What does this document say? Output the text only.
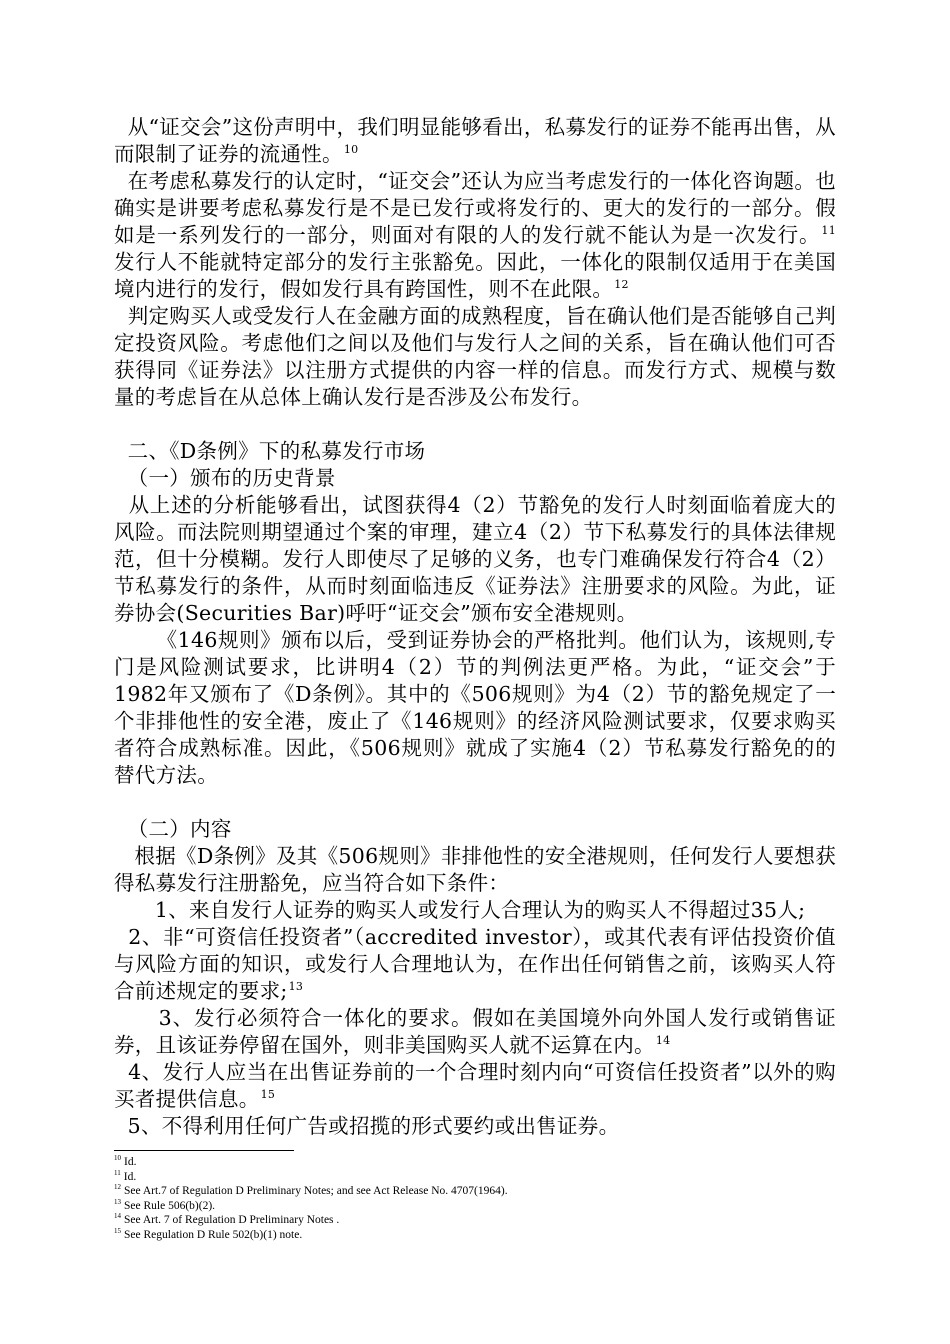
从“证交会”这份声明中，我们明显能够看出，私募发行的证券不能再出售，从而限制了证券的流通性。$^{10}$

在考虑私募发行的认定时，“证交会”还认为应当考虑发行的一体化咨询题。也确实是讲要考虑私募发行是不是已发行或将发行的、更大的发行的一部分。假如是一系列发行的一部分，则面对有限的人的发行就不能认为是一次发行。$^{11}$发行人不能就特定部分的发行主张豁免。因此，一体化的限制仅适用于在美国境内进行的发行，假如发行具有跨国性，则不在此限。$^{12}$

判定购买人或受发行人在金融方面的成熟程度，旨在确认他们是否能够自己判定投资风险。考虑他们之间以及他们与发行人之间的关系，旨在确认他们可否获得同《证券法》以注册方式提供的内容一样的信息。而发行方式、规模与数量的考虑旨在从总体上确认发行是否涉及公布发行。

二、《D条例》下的私募发行市场

（一）颁布的历史背景

从上述的分析能够看出，试图获得4（2）节豁免的发行人时刻面临着庞大的风险。而法院则期望通过个案的审理，建立4（2）节下私募发行的具体法律规范，但十分模糊。发行人即使尽了足够的义务，也专门难确保发行符合4（2）节私募发行的条件，从而时刻面临违反《证券法》注册要求的风险。为此，证券协会(Securities Bar)呼吁“证交会”颁布安全港规则。

《146规则》颁布以后，受到证券协会的严格批判。他们认为，该规则,专门是风险测试要求，比讲明4（2）节的判例法更严格。为此，“证交会”于1982年又颁布了《D条例》。其中的《506规则》为4（2）节的豁免规定了一个非排他性的安全港，废止了《146规则》的经济风险测试要求，仅要求购买者符合成熟标准。因此，《506规则》就成了实施4（2）节私募发行豁免的的替代方法。

（二）内容

根据《D条例》及其《506规则》非排他性的安全港规则，任何发行人要想获得私募发行注册豁免，应当符合如下条件：

1、来自发行人证券的购买人或发行人合理认为的购买人不得超过35人;

2、非“可资信任投资者”（accredited investor），或其代表有评估投资价值与风险方面的知识，或发行人合理地认为，在作出任何销售之前，该购买人符合前述规定的要求;$^{13}$

3、发行必须符合一体化的要求。假如在美国境外向外国人发行或销售证券，且该证券停留在国外，则非美国购买人就不运算在内。$^{14}$

4、发行人应当在出售证券前的一个合理时刻内向“可资信任投资者”以外的购买者提供信息。$^{15}$

5、不得利用任何广告或招揽的形式要约或出售证券。

$^{10}$ Id.

$^{11}$ Id.

$^{12}$ See Art.7 of Regulation D Preliminary Notes; and see Act Release No. 4707(1964).

$^{13}$ See Rule 506(b)(2).

$^{14}$ See Art. 7 of Regulation D Preliminary Notes .

$^{15}$ See Regulation D Rule 502(b)(1) note.
